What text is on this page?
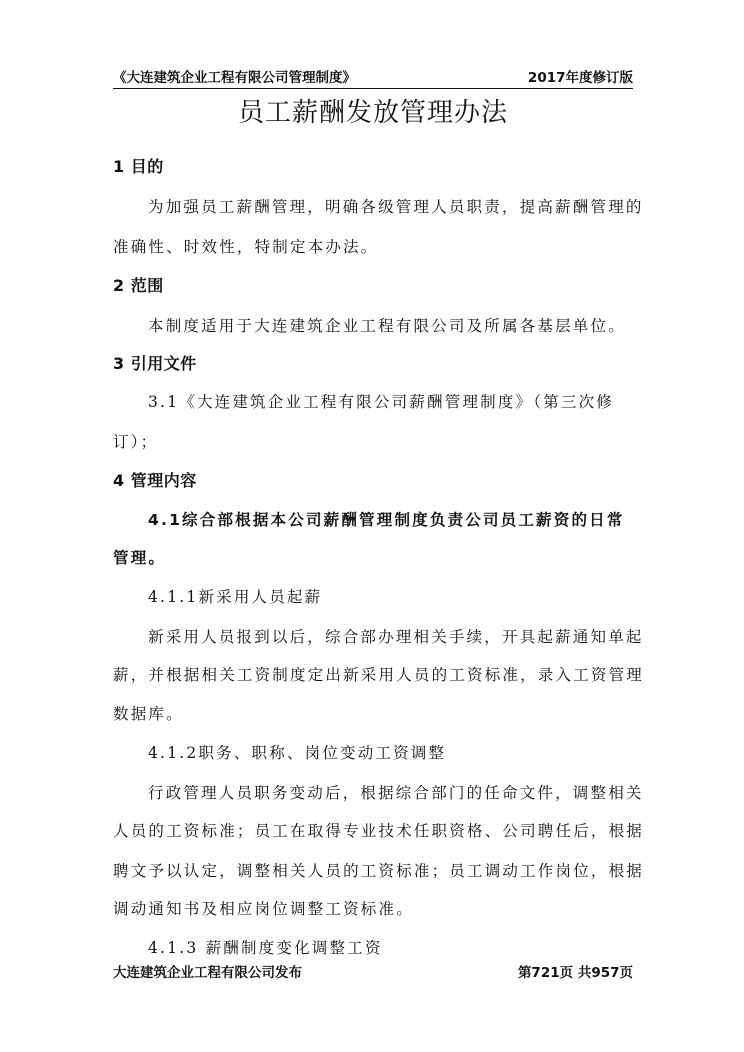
《大连建筑企业工程有限公司管理制度》	2017年度修订版
员工薪酬发放管理办法
1 目的
为加强员工薪酬管理，明确各级管理人员职责，提高薪酬管理的
准确性、时效性，特制定本办法。
2 范围
本制度适用于大连建筑企业工程有限公司及所属各基层单位。
3 引用文件
3.1《大连建筑企业工程有限公司薪酬管理制度》（第三次修
订）；
4 管理内容
4.1综合部根据本公司薪酬管理制度负责公司员工薪资的日常
管理。
4.1.1新采用人员起薪
新采用人员报到以后，综合部办理相关手续，开具起薪通知单起
薪，并根据相关工资制度定出新采用人员的工资标准，录入工资管理
数据库。
4.1.2职务、职称、岗位变动工资调整
行政管理人员职务变动后，根据综合部门的任命文件，调整相关
人员的工资标准；员工在取得专业技术任职资格、公司聘任后，根据
聘文予以认定，调整相关人员的工资标准；员工调动工作岗位，根据
调动通知书及相应岗位调整工资标准。
4.1.3 薪酬制度变化调整工资
大连建筑企业工程有限公司发布	第721页 共957页
